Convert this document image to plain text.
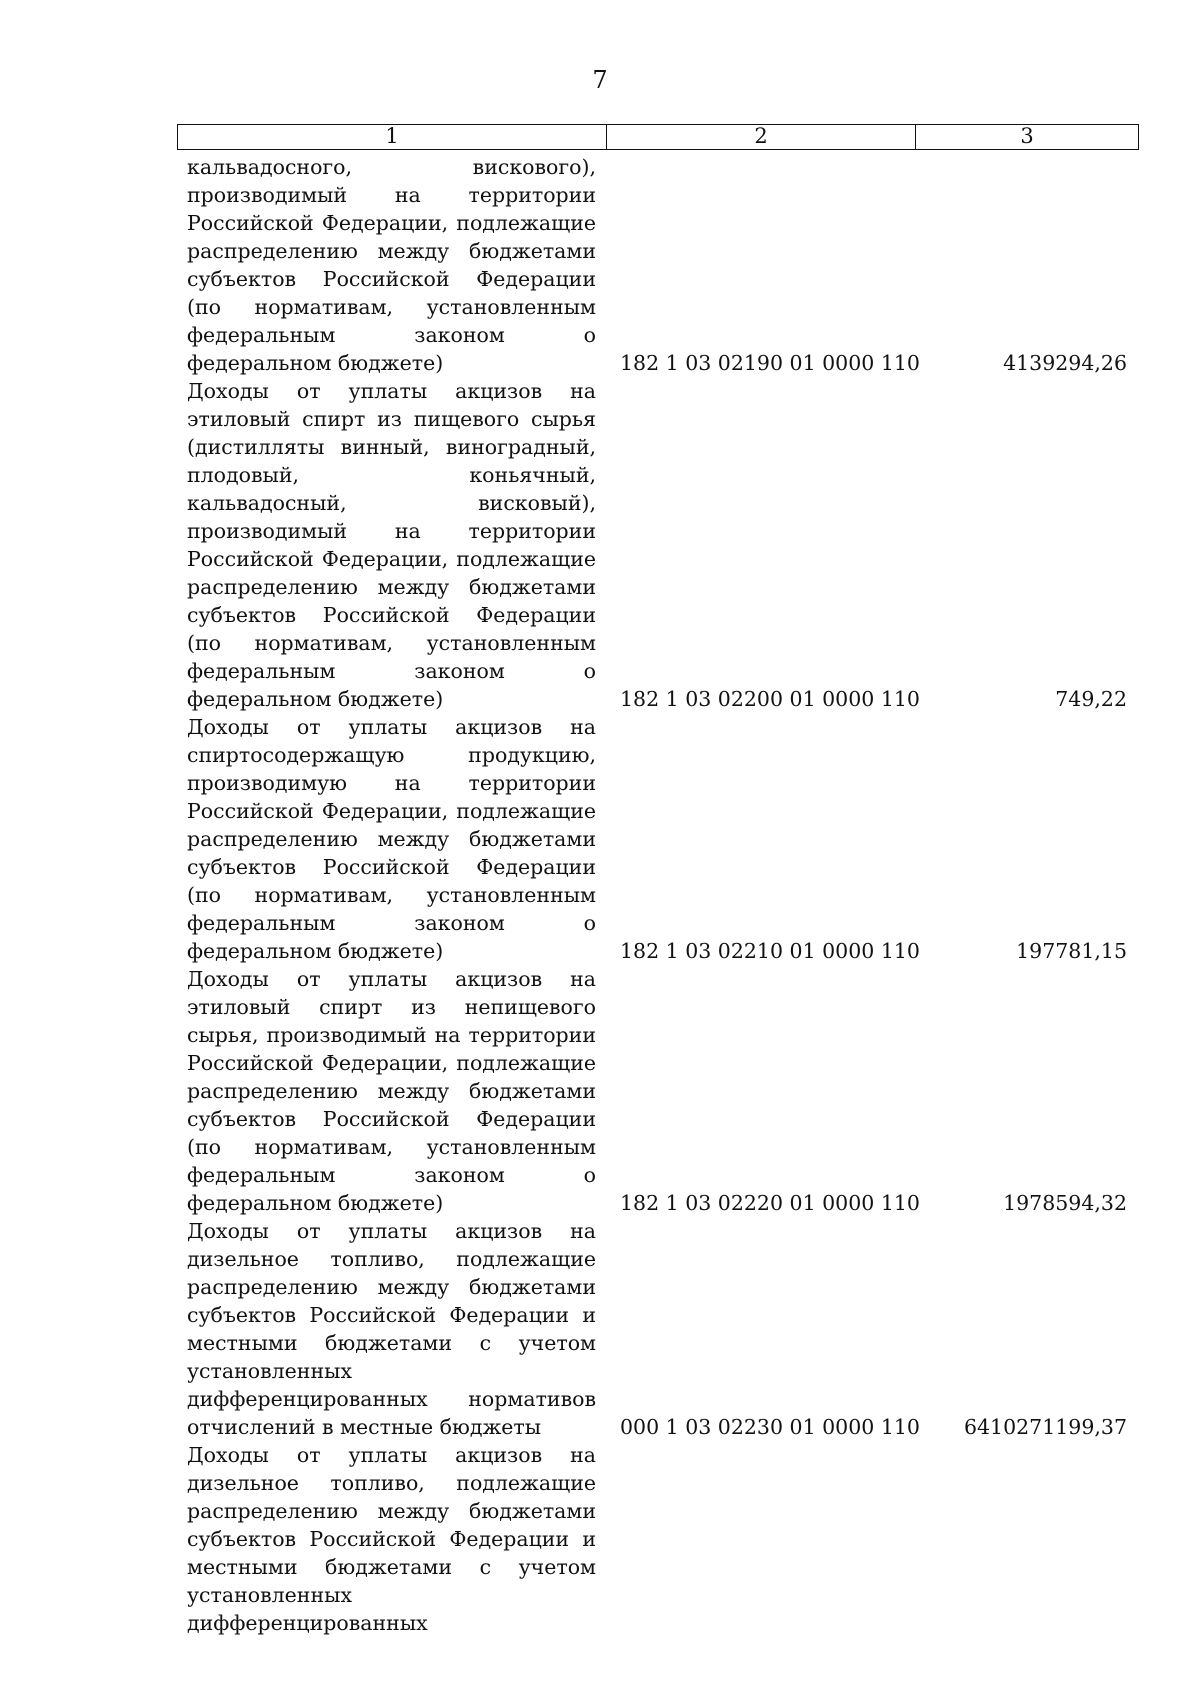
7
1	2	3
кальвадосного, вискового), производимый на территории Российской Федерации, подлежащие распределению между бюджетами субъектов Российской Федерации (по нормативам, установленным федеральным законом о федеральном бюджете)	182 1 03 02190 01 0000 110	4139294,26
Доходы от уплаты акцизов на этиловый спирт из пищевого сырья (дистилляты винный, виноградный, плодовый, коньячный, кальвадосный, висковый), производимый на территории Российской Федерации, подлежащие распределению между бюджетами субъектов Российской Федерации (по нормативам, установленным федеральным законом о федеральном бюджете)	182 1 03 02200 01 0000 110	749,22
Доходы от уплаты акцизов на спиртосодержащую продукцию, производимую на территории Российской Федерации, подлежащие распределению между бюджетами субъектов Российской Федерации (по нормативам, установленным федеральным законом о федеральном бюджете)	182 1 03 02210 01 0000 110	197781,15
Доходы от уплаты акцизов на этиловый спирт из непищевого сырья, производимый на территории Российской Федерации, подлежащие распределению между бюджетами субъектов Российской Федерации (по нормативам, установленным федеральным законом о федеральном бюджете)	182 1 03 02220 01 0000 110	1978594,32
Доходы от уплаты акцизов на дизельное топливо, подлежащие распределению между бюджетами субъектов Российской Федерации и местными бюджетами с учетом установленных дифференцированных нормативов отчислений в местные бюджеты	000 1 03 02230 01 0000 110	6410271199,37
Доходы от уплаты акцизов на дизельное топливо, подлежащие распределению между бюджетами субъектов Российской Федерации и местными бюджетами с учетом установленных дифференцированных
